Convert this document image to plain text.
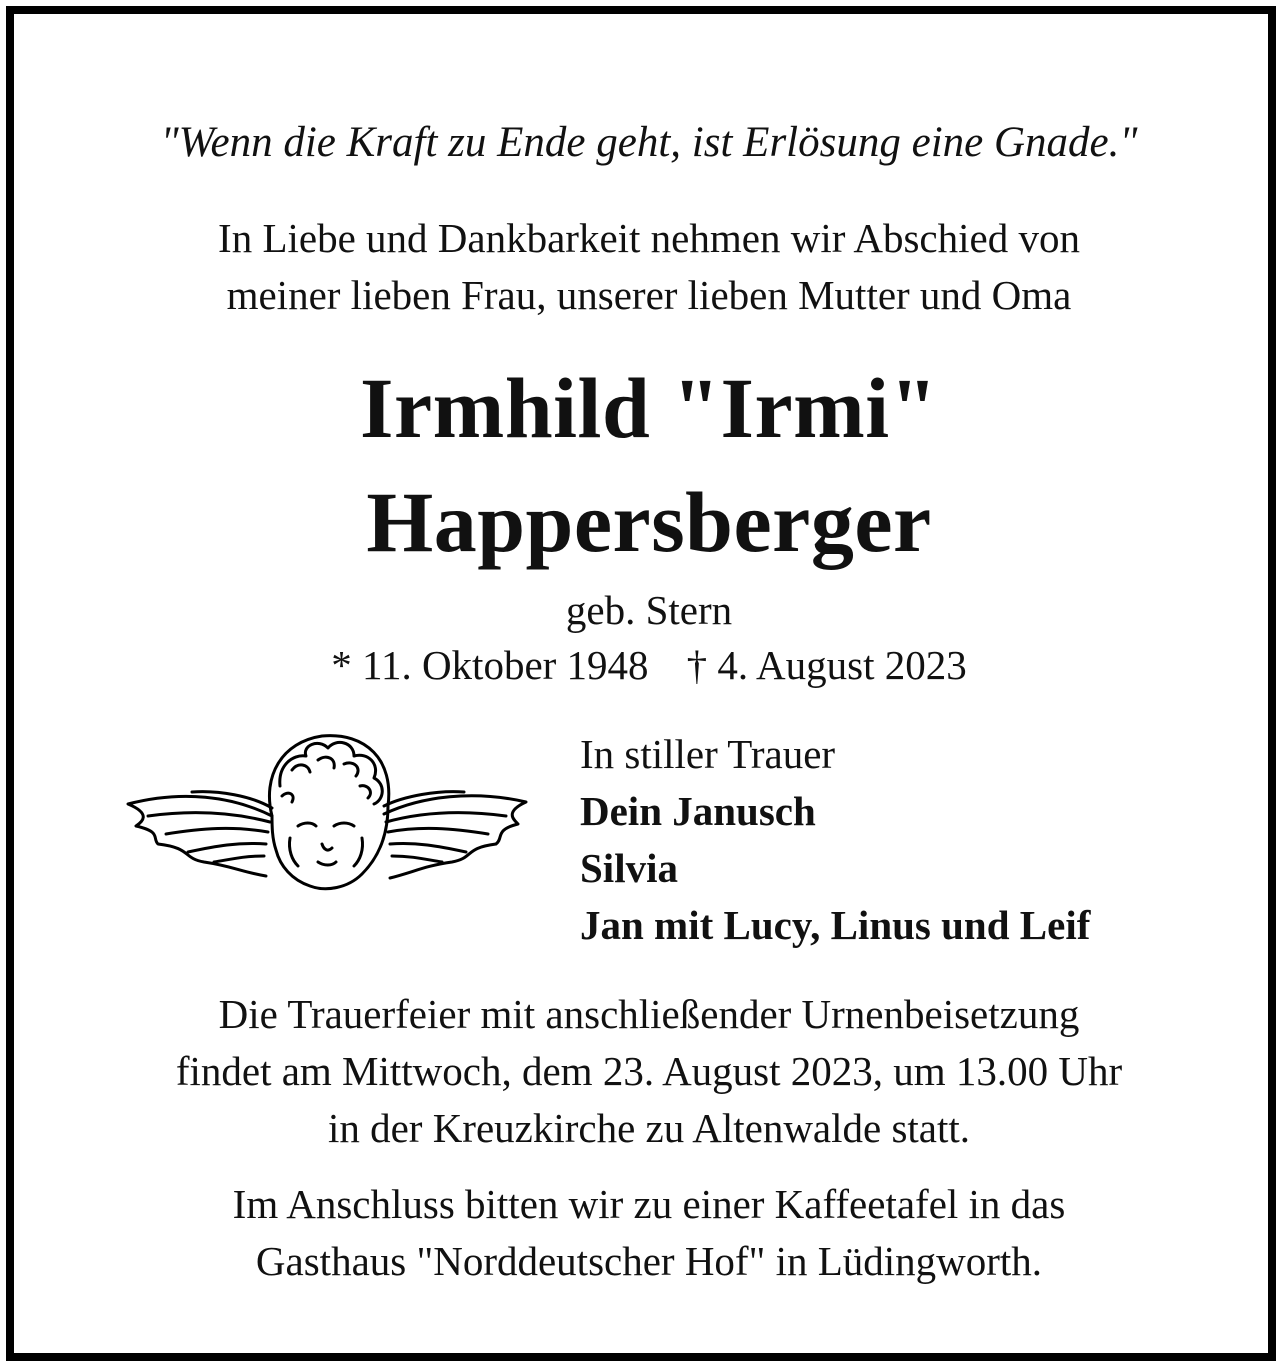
"Wenn die Kraft zu Ende geht, ist Erlösung eine Gnade."
In Liebe und Dankbarkeit nehmen wir Abschied von
meiner lieben Frau, unserer lieben Mutter und Oma
Irmhild "Irmi"
Happersberger
geb. Stern
* 11. Oktober 1948 † 4. August 2023
In stiller Trauer
Dein Janusch
Silvia
Jan mit Lucy, Linus und Leif
Die Trauerfeier mit anschließender Urnenbeisetzung
findet am Mittwoch, dem 23. August 2023, um 13.00 Uhr
in der Kreuzkirche zu Altenwalde statt.
Im Anschluss bitten wir zu einer Kaffeetafel in das
Gasthaus "Norddeutscher Hof" in Lüdingworth.
